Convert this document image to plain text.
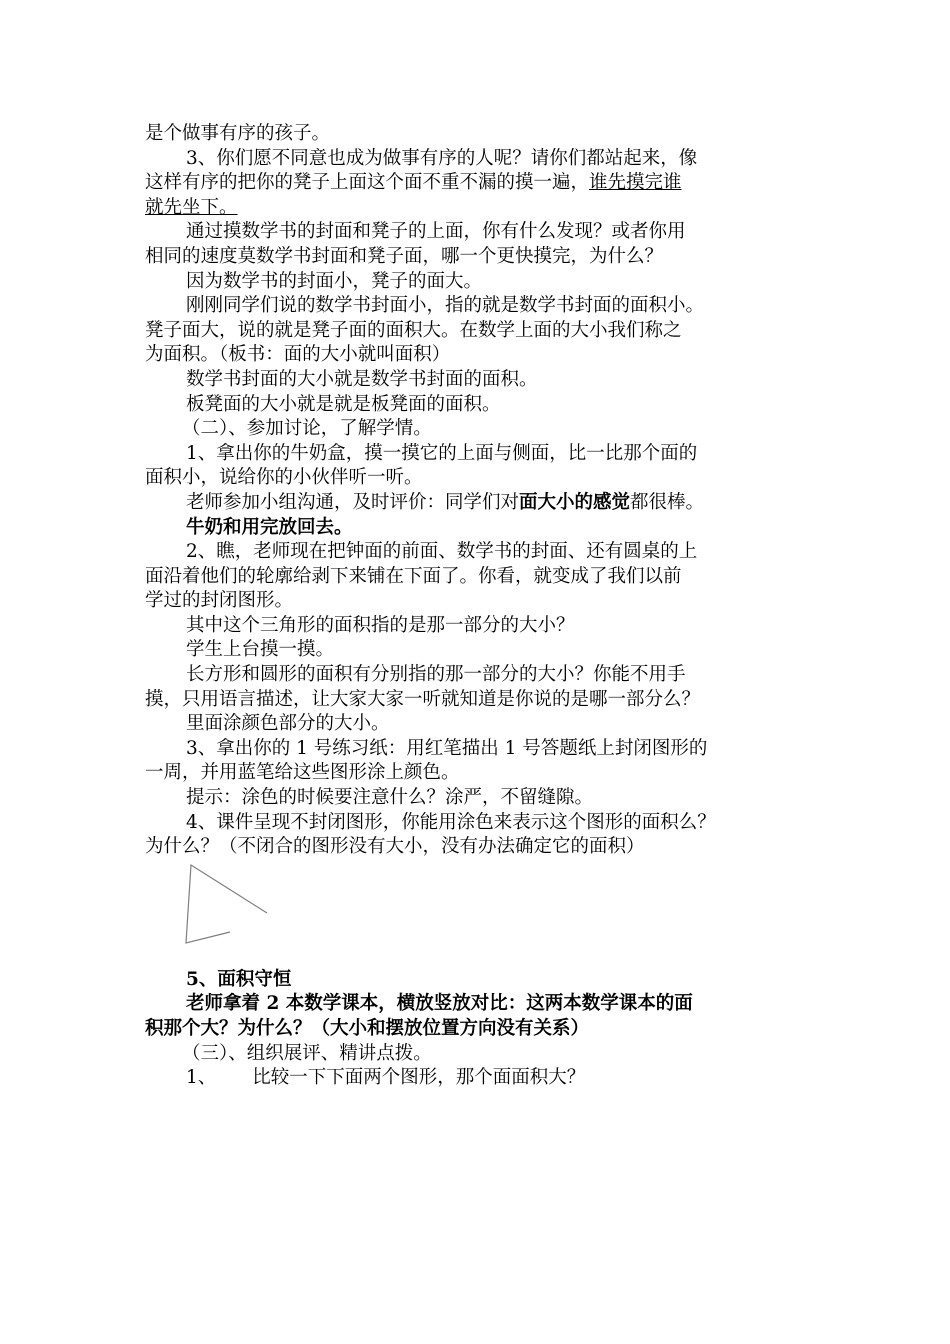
是个做事有序的孩子。
3、你们愿不同意也成为做事有序的人呢？请你们都站起来，像
这样有序的把你的凳子上面这个面不重不漏的摸一遍，谁先摸完谁
就先坐下。
通过摸数学书的封面和凳子的上面，你有什么发现？或者你用
相同的速度莫数学书封面和凳子面，哪一个更快摸完，为什么？
因为数学书的封面小，凳子的面大。
刚刚同学们说的数学书封面小，指的就是数学书封面的面积小。
凳子面大，说的就是凳子面的面积大。在数学上面的大小我们称之
为面积。（板书：面的大小就叫面积）
数学书封面的大小就是数学书封面的面积。
板凳面的大小就是就是板凳面的面积。
（二）、参加讨论，了解学情。
1、拿出你的牛奶盒，摸一摸它的上面与侧面，比一比那个面的
面积小，说给你的小伙伴听一听。
老师参加小组沟通，及时评价：同学们对面大小的感觉都很棒。
牛奶和用完放回去。
2、瞧，老师现在把钟面的前面、数学书的封面、还有圆桌的上
面沿着他们的轮廓给剥下来铺在下面了。你看，就变成了我们以前
学过的封闭图形。
其中这个三角形的面积指的是那一部分的大小？
学生上台摸一摸。
长方形和圆形的面积有分别指的那一部分的大小？你能不用手
摸，只用语言描述，让大家大家一听就知道是你说的是哪一部分么？
里面涂颜色部分的大小。
3、拿出你的 1 号练习纸：用红笔描出 1 号答题纸上封闭图形的
一周，并用蓝笔给这些图形涂上颜色。
提示：涂色的时候要注意什么？涂严，不留缝隙。
4、课件呈现不封闭图形，你能用涂色来表示这个图形的面积么？
为什么？（不闭合的图形没有大小，没有办法确定它的面积）
5、面积守恒
老师拿着 2 本数学课本，横放竖放对比：这两本数学课本的面
积那个大？为什么？（大小和摆放位置方向没有关系）
（三）、组织展评、精讲点拨。
1、 比较一下下面两个图形，那个面面积大？
